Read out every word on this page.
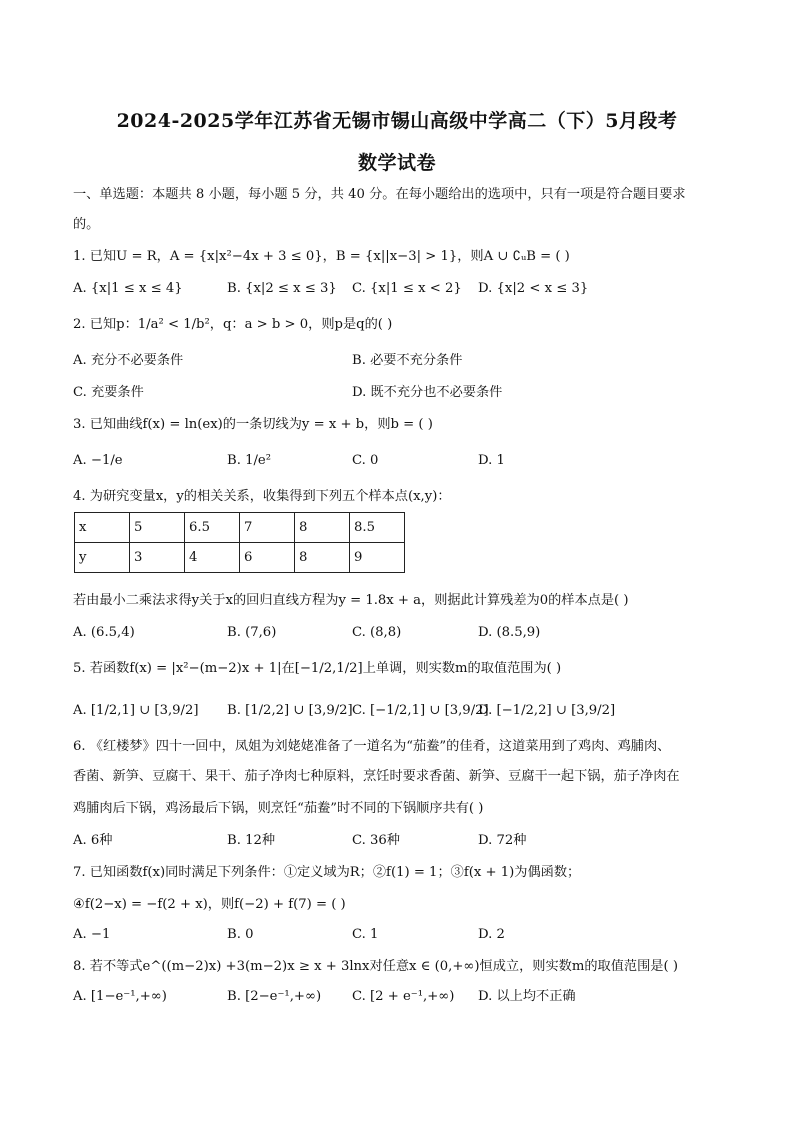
2024-2025学年江苏省无锡市锡山高级中学高二（下）5月段考
数学试卷
一、单选题：本题共 8 小题，每小题 5 分，共 40 分。在每小题给出的选项中，只有一项是符合题目要求
的。
1. 已知U = R，A = {x|x²−4x + 3 ≤ 0}，B = {x||x−3| > 1}，则A ∪ ∁ᵤB = ( )
A. {x|1 ≤ x ≤ 4}	B. {x|2 ≤ x ≤ 3} C. {x|1 ≤ x < 2} D. {x|2 < x ≤ 3}
2. 已知p：1/a² < 1/b²，q：a > b > 0，则p是q的( )
A. 充分不必要条件	B. 必要不充分条件
C. 充要条件	D. 既不充分也不必要条件
3. 已知曲线f(x) = ln(ex)的一条切线为y = x + b，则b = ( )
A. −1/e	B. 1/e²	C. 0	D. 1
4. 为研究变量x，y的相关关系，收集得到下列五个样本点(x,y)：
x	5	6.5	7	8	8.5
y	3	4	6	8	9
若由最小二乘法求得y关于x的回归直线方程为y = 1.8x + a，则据此计算残差为0的样本点是( )
A. (6.5,4)	B. (7,6)	C. (8,8)	D. (8.5,9)
5. 若函数f(x) = |x²−(m−2)x + 1|在[−1/2,1/2]上单调，则实数m的取值范围为( )
A. [1/2,1] ∪ [3,9/2] B. [1/2,2] ∪ [3,9/2] C. [−1/2,1] ∪ [3,9/2]
D. [−1/2,2] ∪ [3,9/2]
6. 《红楼梦》四十一回中，凤姐为刘姥姥准备了一道名为“茄鲞”的佳肴，这道菜用到了鸡肉、鸡脯肉、
香菌、新笋、豆腐干、果干、茄子净肉七种原料，烹饪时要求香菌、新笋、豆腐干一起下锅，茄子净肉在
鸡脯肉后下锅，鸡汤最后下锅，则烹饪“茄鲞”时不同的下锅顺序共有( )
A. 6种	B. 12种	C. 36种	D. 72种
7. 已知函数f(x)同时满足下列条件：①定义域为R；②f(1) = 1；③f(x + 1)为偶函数；
④f(2−x) = −f(2 + x)，则f(−2) + f(7) = ( )
A. −1	B. 0	C. 1	D. 2
8. 若不等式e^((m−2)x) +3(m−2)x ≥ x + 3lnx对任意x ∈ (0,+∞)恒成立，则实数m的取值范围是( )
A. [1−e⁻¹,+∞)	B. [2−e⁻¹,+∞) C. [2 + e⁻¹,+∞) D. 以上均不正确
